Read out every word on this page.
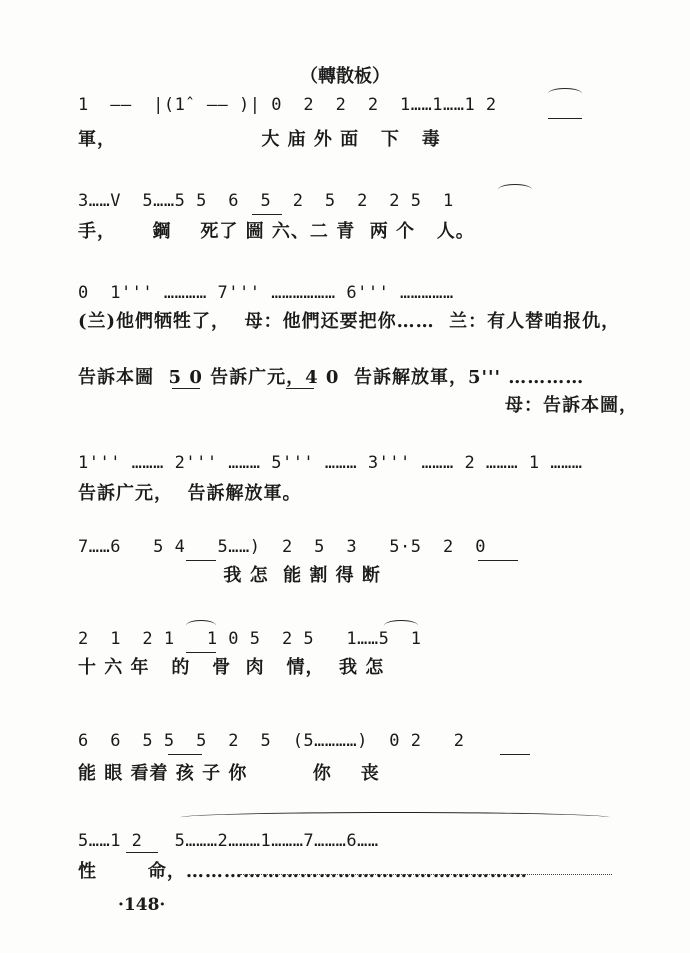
（轉散板）
1  ——  |(1̂  —— )| 0  2  2  2  1……1……1 2
軍，                    大 庙 外 面   下   毒
3……V  5……5 5  6  5  2  5  2  2 5  1
手，     鋼    死了 圌 六、二 青  两 个   人。
0  1''' ………… 7''' ……………… 6''' ……………
(兰)他們牺牲了，  母：他們还要把你……  兰：有人替咱报仇，
告訴本圌  5 0 告訴广元，4 0  告訴解放軍，5''' …………
母：告訴本圌，
1''' ……… 2''' ……… 5''' ……… 3''' ……… 2 ……… 1 ………
告訴广元，  告訴解放軍。
7……6   5 4   5……)  2  5  3   5·5  2  0
我 怎  能 割 得 断
2  1  2 1   1 0 5  2 5   1……5  1
十 六 年   的   骨  肉   情，  我 怎
6  6  5 5  5  2  5  (5…………)  0 2   2
能 眼 看着 孩 子 你         你    丧
5……1 2   5………2………1………7………6……
性       命，………………………………………………
·148·
